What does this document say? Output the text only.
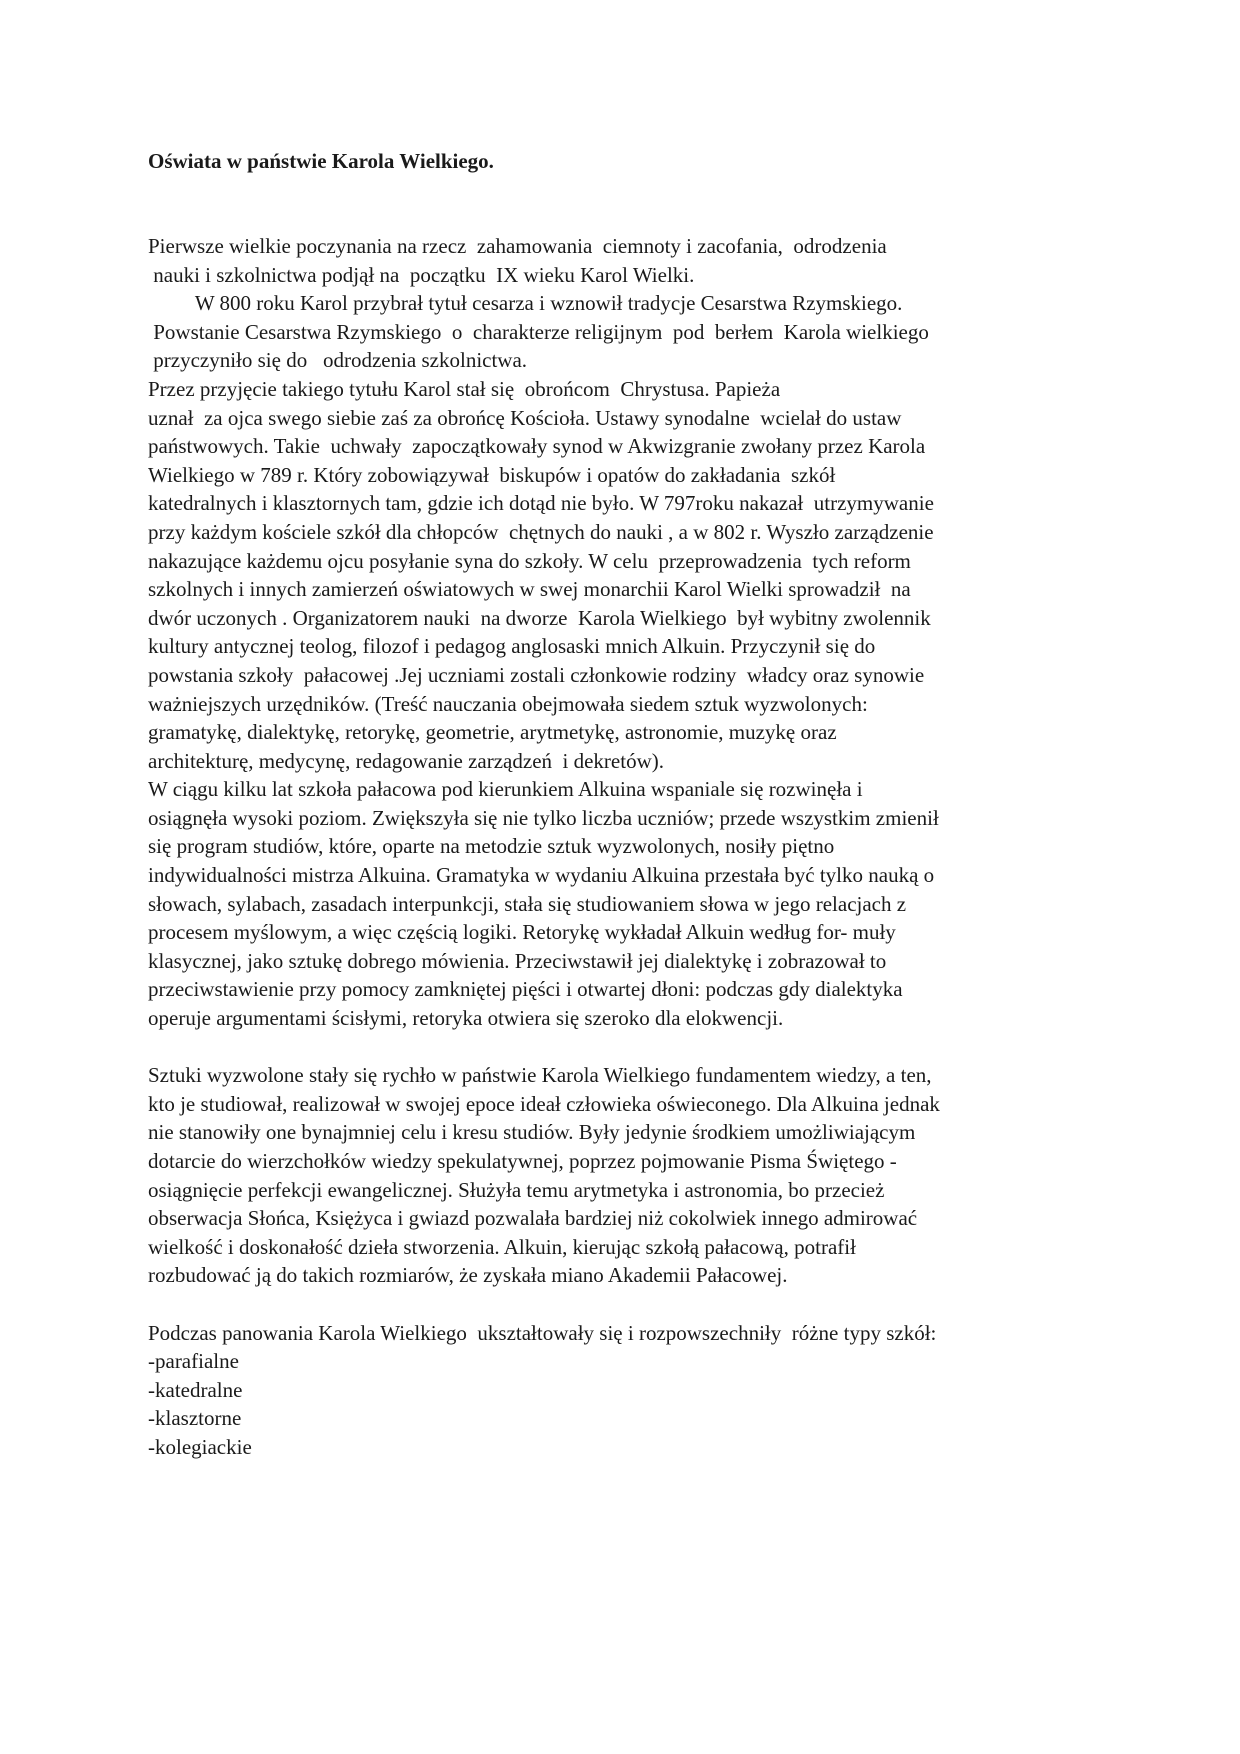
Oświata w państwie Karola Wielkiego.
Pierwsze wielkie poczynania na rzecz  zahamowania  ciemnoty i zacofania,  odrodzenia
nauki i szkolnictwa podjął na  początku  IX wieku Karol Wielki.
W 800 roku Karol przybrał tytuł cesarza i wznowił tradycje Cesarstwa Rzymskiego.
Powstanie Cesarstwa Rzymskiego  o  charakterze religijnym  pod  berłem  Karola wielkiego
przyczyniło się do   odrodzenia szkolnictwa.
Przez przyjęcie takiego tytułu Karol stał się  obrońcom  Chrystusa. Papieża
uznał  za ojca swego siebie zaś za obrońcę Kościoła. Ustawy synodalne  wcielał do ustaw
państwowych. Takie  uchwały  zapoczątkowały synod w Akwizgranie zwołany przez Karola
Wielkiego w 789 r. Który zobowiązywał  biskupów i opatów do zakładania  szkół
katedralnych i klasztornych tam, gdzie ich dotąd nie było. W 797roku nakazał  utrzymywanie
przy każdym kościele szkół dla chłopców  chętnych do nauki , a w 802 r. Wyszło zarządzenie
nakazujące każdemu ojcu posyłanie syna do szkoły. W celu  przeprowadzenia  tych reform
szkolnych i innych zamierzeń oświatowych w swej monarchii Karol Wielki sprowadził  na
dwór uczonych . Organizatorem nauki  na dworze  Karola Wielkiego  był wybitny zwolennik
kultury antycznej teolog, filozof i pedagog anglosaski mnich Alkuin. Przyczynił się do
powstania szkoły  pałacowej .Jej uczniami zostali członkowie rodziny  władcy oraz synowie
ważniejszych urzędników. (Treść nauczania obejmowała siedem sztuk wyzwolonych:
gramatykę, dialektykę, retorykę, geometrie, arytmetykę, astronomie, muzykę oraz
architekturę, medycynę, redagowanie zarządzeń  i dekretów).
W ciągu kilku lat szkoła pałacowa pod kierunkiem Alkuina wspaniale się rozwinęła i
osiągnęła wysoki poziom. Zwiększyła się nie tylko liczba uczniów; przede wszystkim zmienił
się program studiów, które, oparte na metodzie sztuk wyzwolonych, nosiły piętno
indywidualności mistrza Alkuina. Gramatyka w wydaniu Alkuina przestała być tylko nauką o
słowach, sylabach, zasadach interpunkcji, stała się studiowaniem słowa w jego relacjach z
procesem myślowym, a więc częścią logiki. Retorykę wykładał Alkuin według for- muły
klasycznej, jako sztukę dobrego mówienia. Przeciwstawił jej dialektykę i zobrazował to
przeciwstawienie przy pomocy zamkniętej pięści i otwartej dłoni: podczas gdy dialektyka
operuje argumentami ścisłymi, retoryka otwiera się szeroko dla elokwencji.
Sztuki wyzwolone stały się rychło w państwie Karola Wielkiego fundamentem wiedzy, a ten,
kto je studiował, realizował w swojej epoce ideał człowieka oświeconego. Dla Alkuina jednak
nie stanowiły one bynajmniej celu i kresu studiów. Były jedynie środkiem umożliwiającym
dotarcie do wierzchołków wiedzy spekulatywnej, poprzez pojmowanie Pisma Świętego -
osiągnięcie perfekcji ewangelicznej. Służyła temu arytmetyka i astronomia, bo przecież
obserwacja Słońca, Księżyca i gwiazd pozwalała bardziej niż cokolwiek innego admirować
wielkość i doskonałość dzieła stworzenia. Alkuin, kierując szkołą pałacową, potrafił
rozbudować ją do takich rozmiarów, że zyskała miano Akademii Pałacowej.
Podczas panowania Karola Wielkiego  ukształtowały się i rozpowszechniły  różne typy szkół:
-parafialne
-katedralne
-klasztorne
-kolegiackie
